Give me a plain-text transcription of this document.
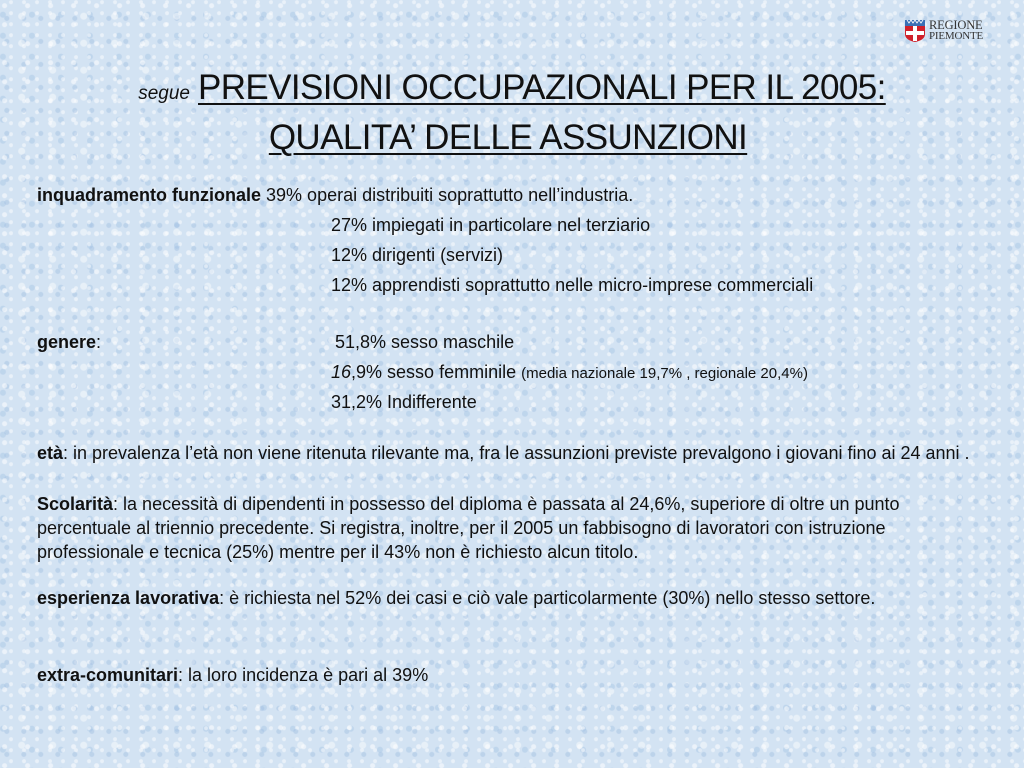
REGIONE
PIEMONTE
segue PREVISIONI OCCUPAZIONALI PER IL 2005:
QUALITA’ DELLE ASSUNZIONI
inquadramento funzionale 39% operai distribuiti soprattutto nell’industria.
27% impiegati in particolare nel terziario
12% dirigenti (servizi)
12% apprendisti soprattutto nelle micro-imprese commerciali
genere:	51,8% sesso maschile
16,9% sesso femminile (media nazionale 19,7% , regionale 20,4%)
31,2% Indifferente
età: in prevalenza l’età non viene ritenuta rilevante ma, fra le assunzioni previste prevalgono i giovani fino ai 24 anni .
Scolarità: la necessità di dipendenti in possesso del diploma è passata al 24,6%, superiore di oltre un punto percentuale al triennio precedente. Si registra, inoltre, per il 2005 un fabbisogno di lavoratori con istruzione professionale e tecnica (25%) mentre per il 43% non è richiesto alcun titolo.
esperienza lavorativa: è richiesta nel 52% dei casi e ciò vale particolarmente (30%) nello stesso settore.
extra-comunitari: la loro incidenza è pari al 39%
